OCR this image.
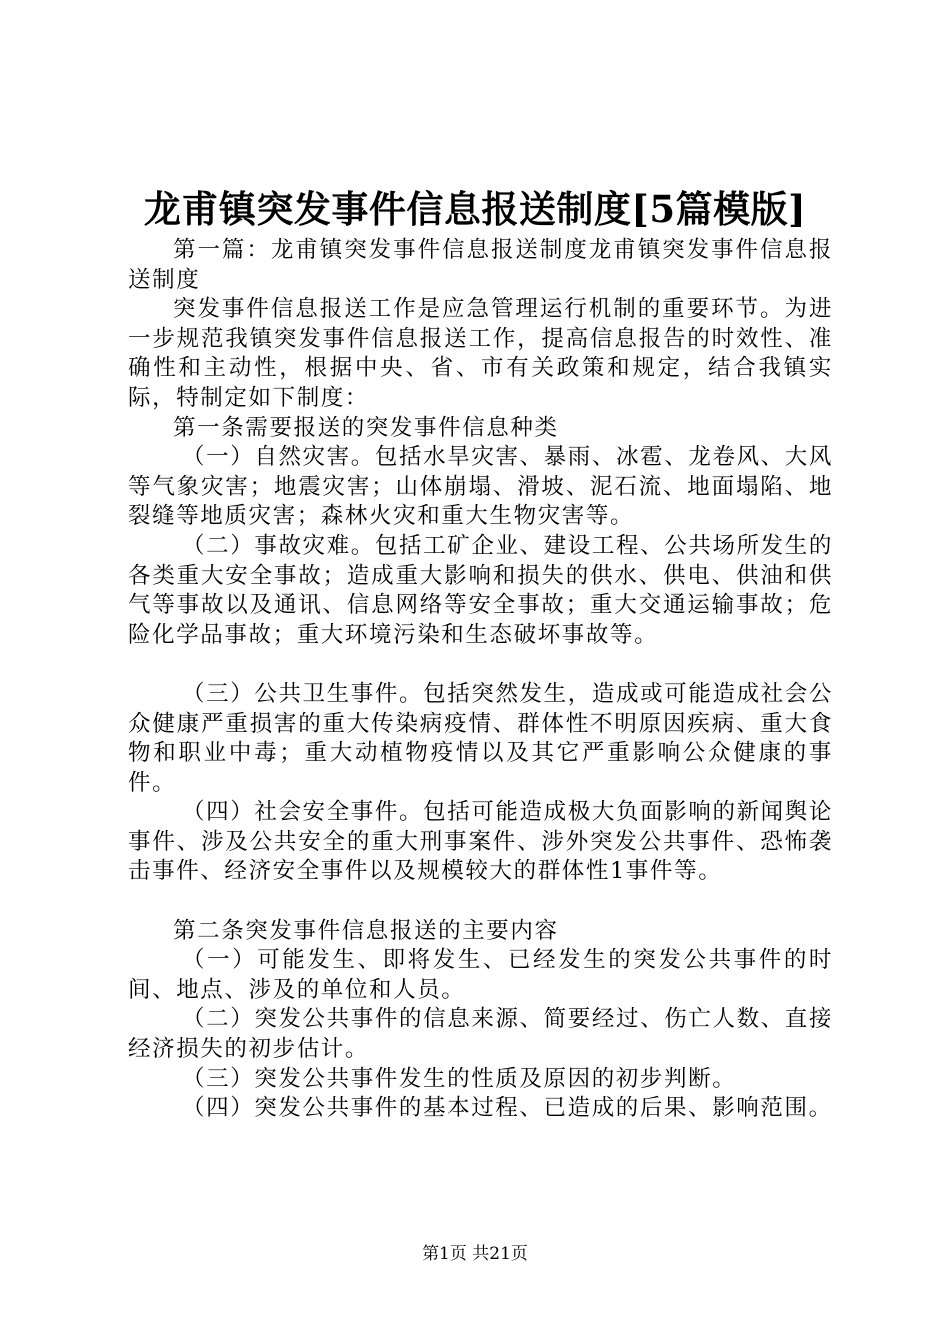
龙甫镇突发事件信息报送制度[5篇模版]

第一篇：龙甫镇突发事件信息报送制度龙甫镇突发事件信息报送制度

突发事件信息报送工作是应急管理运行机制的重要环节。为进一步规范我镇突发事件信息报送工作，提高信息报告的时效性、准确性和主动性，根据中央、省、市有关政策和规定，结合我镇实际，特制定如下制度：

第一条需要报送的突发事件信息种类

（一）自然灾害。包括水旱灾害、暴雨、冰雹、龙卷风、大风等气象灾害；地震灾害；山体崩塌、滑坡、泥石流、地面塌陷、地裂缝等地质灾害；森林火灾和重大生物灾害等。

（二）事故灾难。包括工矿企业、建设工程、公共场所发生的各类重大安全事故；造成重大影响和损失的供水、供电、供油和供气等事故以及通讯、信息网络等安全事故；重大交通运输事故；危险化学品事故；重大环境污染和生态破坏事故等。

（三）公共卫生事件。包括突然发生，造成或可能造成社会公众健康严重损害的重大传染病疫情、群体性不明原因疾病、重大食物和职业中毒；重大动植物疫情以及其它严重影响公众健康的事件。

（四）社会安全事件。包括可能造成极大负面影响的新闻舆论事件、涉及公共安全的重大刑事案件、涉外突发公共事件、恐怖袭击事件、经济安全事件以及规模较大的群体性1事件等。

第二条突发事件信息报送的主要内容

（一）可能发生、即将发生、已经发生的突发公共事件的时间、地点、涉及的单位和人员。

（二）突发公共事件的信息来源、简要经过、伤亡人数、直接经济损失的初步估计。

（三）突发公共事件发生的性质及原因的初步判断。

（四）突发公共事件的基本过程、已造成的后果、影响范围。

第1页 共21页
